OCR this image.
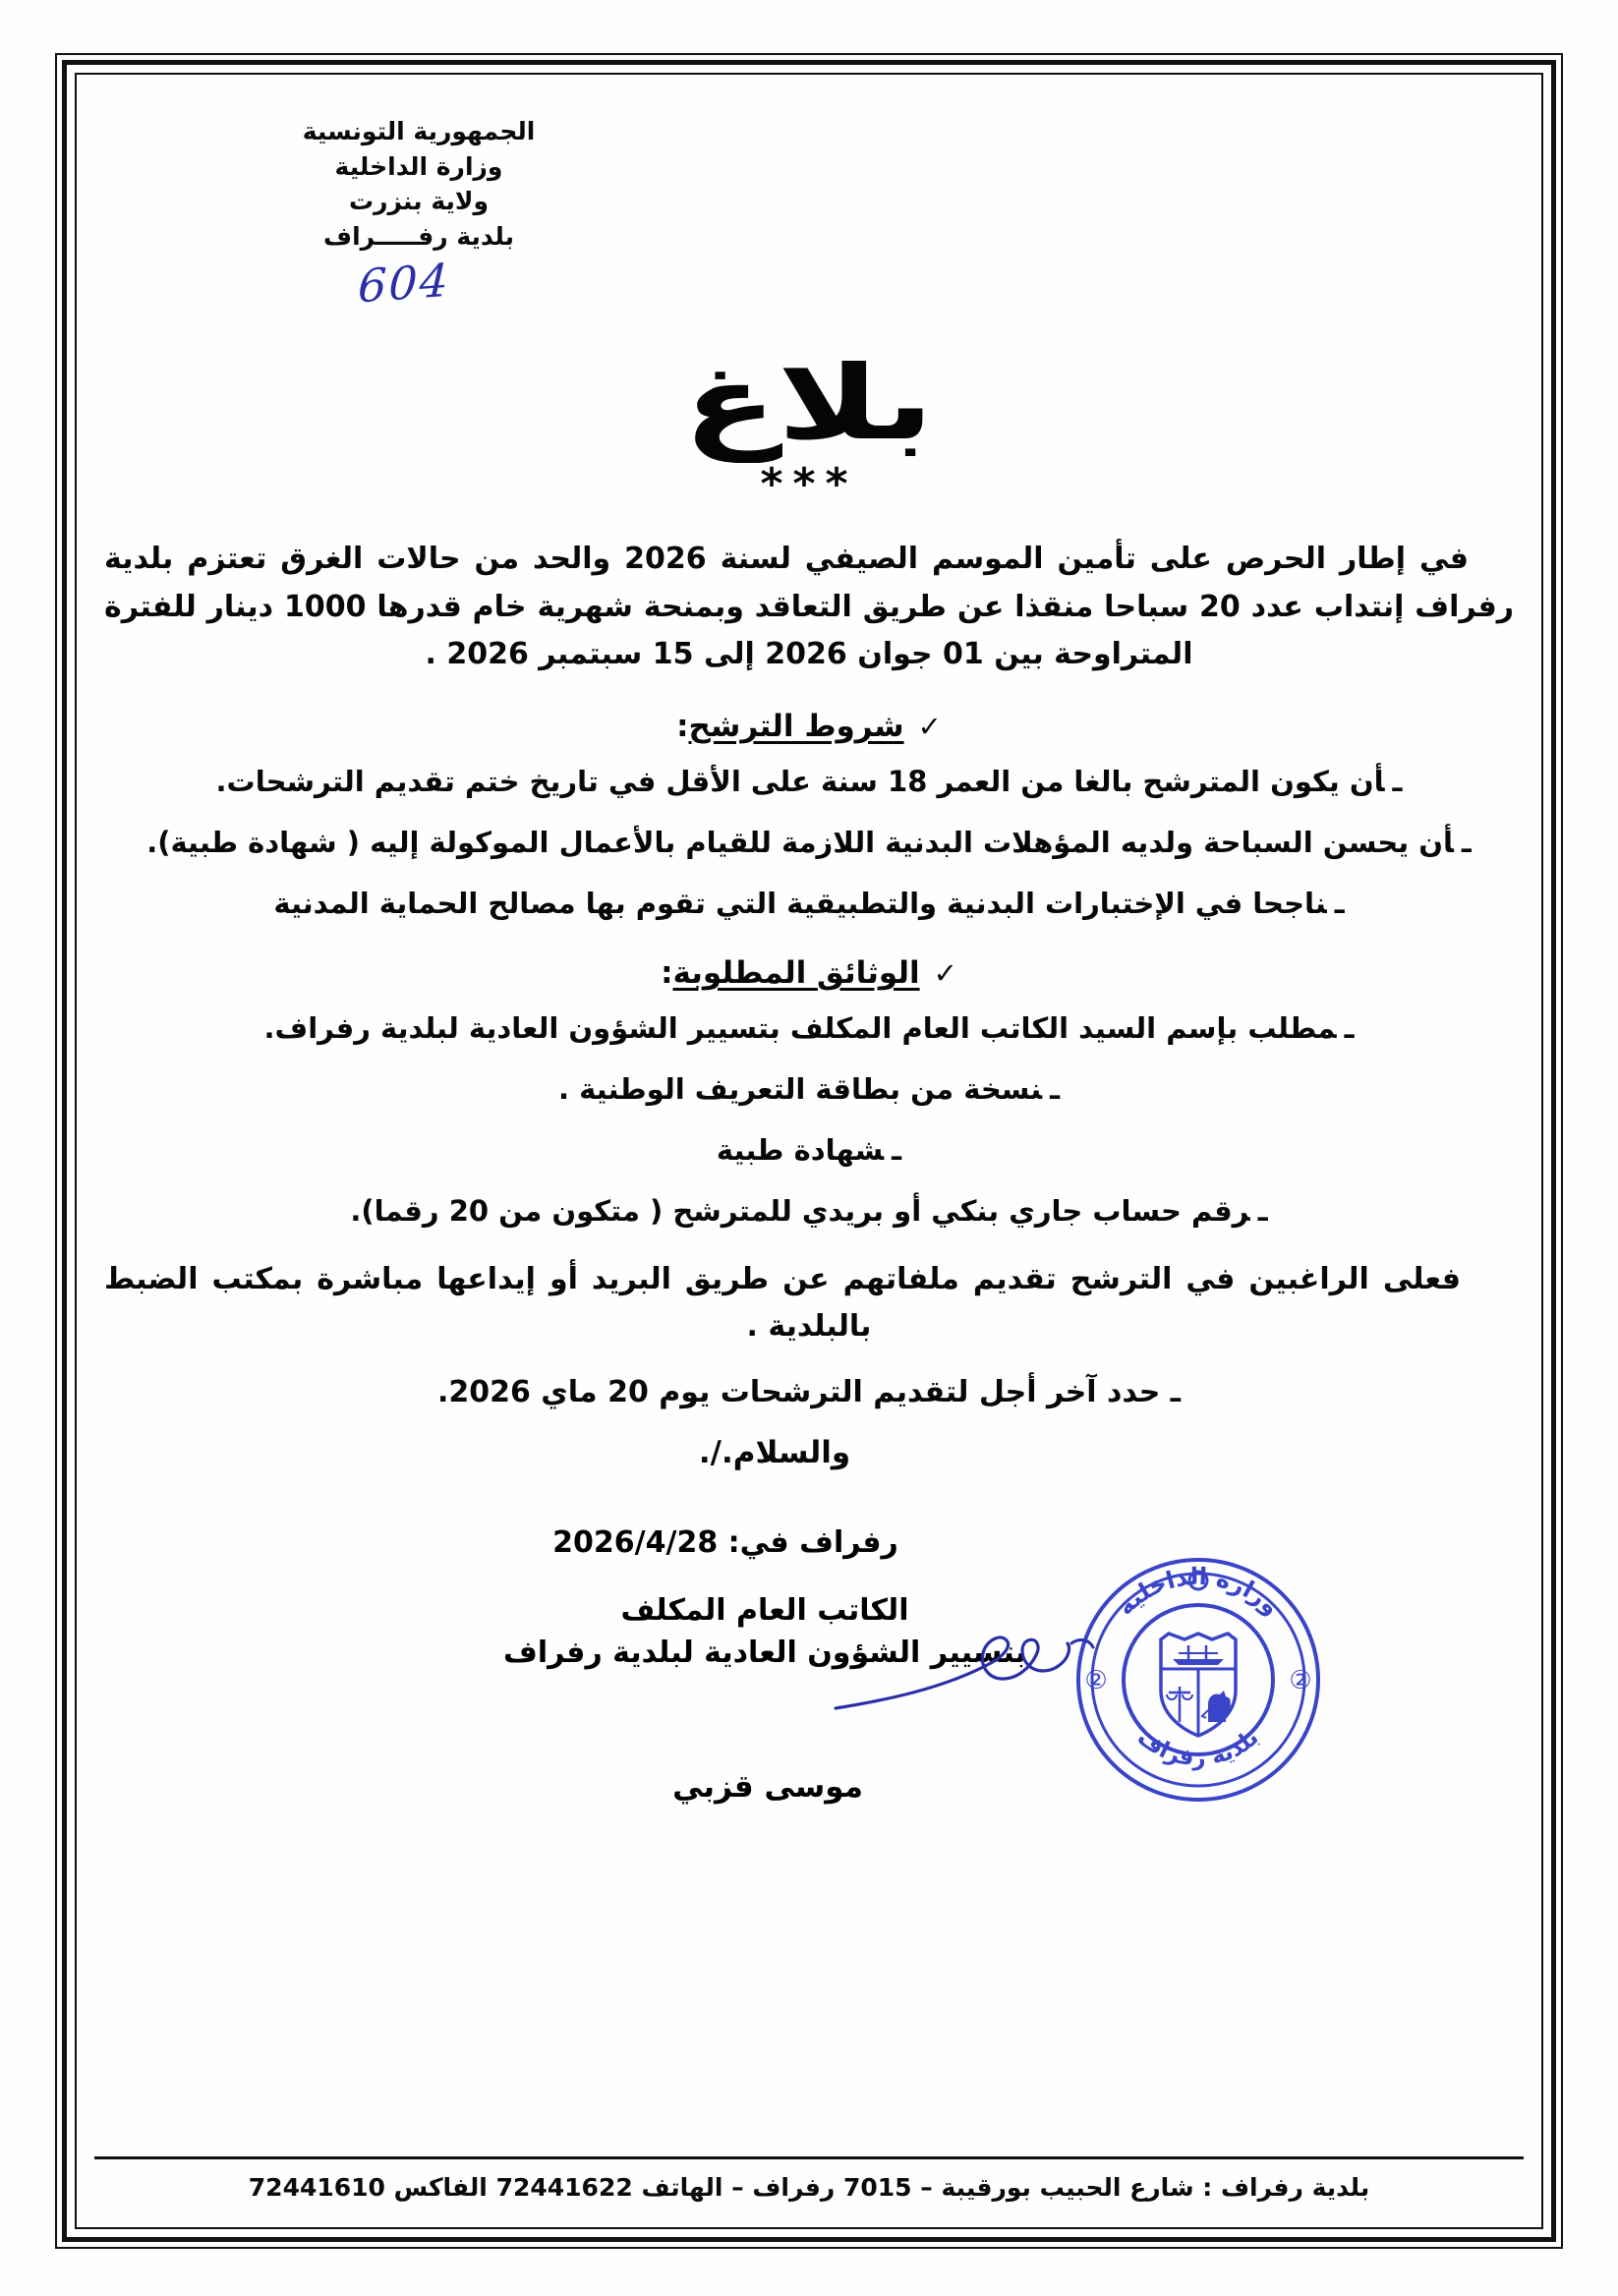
الجمهورية التونسية
وزارة الداخلية
ولاية بنزرت
بلدية رفـــــراف
604
بلاغ
***
في إطار الحرص على تأمين الموسم الصيفي لسنة 2026 والحد من حالات الغرق تعتزم بلدية رفراف إنتداب عدد 20 سباحا منقذا عن طريق التعاقد وبمنحة شهرية خام قدرها 1000 دينار للفترة المتراوحة بين 01 جوان 2026 إلى 15 سبتمبر 2026 .
✓شروط الترشح:
ـأن يكون المترشح بالغا من العمر 18 سنة على الأقل في تاريخ ختم تقديم الترشحات.
ـأن يحسن السباحة ولديه المؤهلات البدنية اللازمة للقيام بالأعمال الموكولة إليه ( شهادة طبية).
ـناجحا في الإختبارات البدنية والتطبيقية التي تقوم بها مصالح الحماية المدنية
✓الوثائق المطلوبة:
ـمطلب بإسم السيد الكاتب العام المكلف بتسيير الشؤون العادية لبلدية رفراف.
ـنسخة من بطاقة التعريف الوطنية .
ـشهادة طبية
ـرقم حساب جاري بنكي أو بريدي للمترشح ( متكون من 20 رقما).
فعلى الراغبين في الترشح تقديم ملفاتهم عن طريق البريد أو إيداعها مباشرة بمكتب الضبط بالبلدية .
ـ حدد آخر أجل لتقديم الترشحات يوم 20 ماي 2026.
والسلام./.
رفراف في: 2026/4/28
الكاتب العام المكلف
بتسيير الشؤون العادية لبلدية رفراف
وزارة الداخلية
بلدية رفراف
②
②
موسى قزبي
بلدية رفراف : شارع الحبيب بورقيبة – 7015 رفراف – الهاتف 72441622 الفاكس 72441610
